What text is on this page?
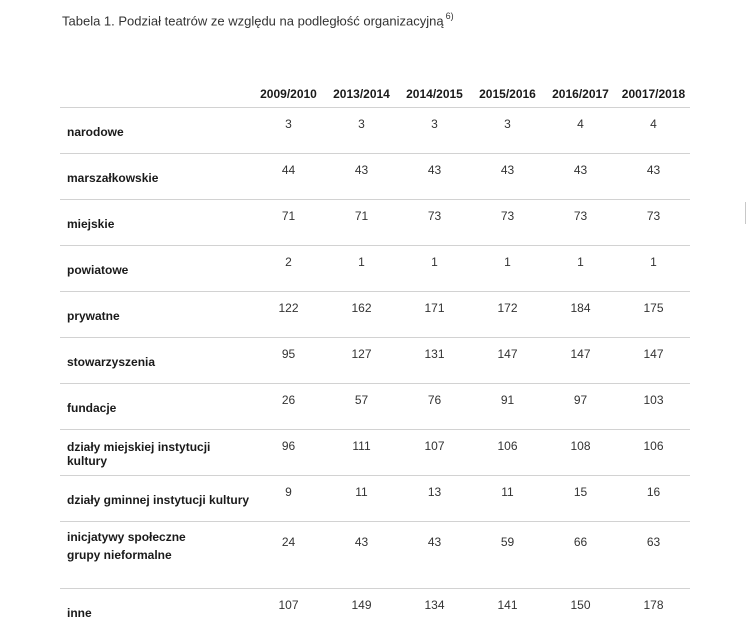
Tabela 1. Podział teatrów ze względu na podległość organizacyjną $^{6)}$
	2009/2010	2013/2014	2014/2015	2015/2016	2016/2017	20017/2018

narodowe	3	3	3	3	4	4

marszałkowskie	44	43	43	43	43	43

miejskie	71	71	73	73	73	73

powiatowe	2	1	1	1	1	1

prywatne	122	162	171	172	184	175

stowarzyszenia	95	127	131	147	147	147

fundacje	26	57	76	91	97	103

działy miejskiej instytucji kultury	96	111	107	106	108	106

działy gminnej instytucji kultury	9	11	13	11	15	16

inicjatywy społeczne
grupy nieformalne	24	43	43	59	66	63

inne	107	149	134	141	150	178
